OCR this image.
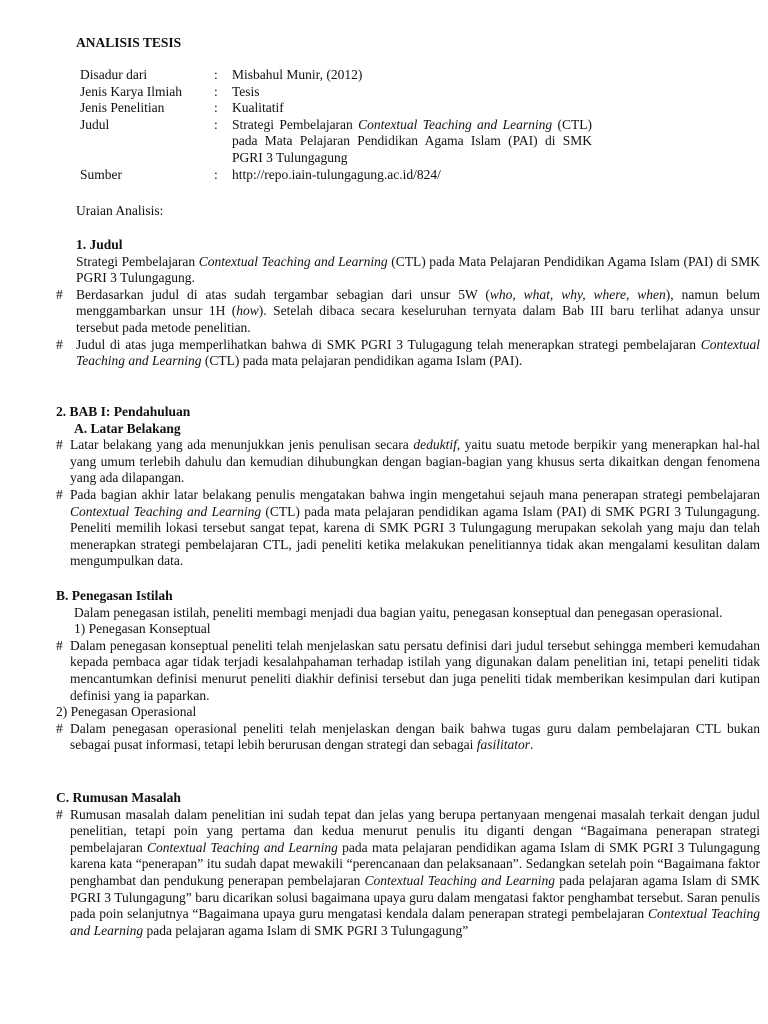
ANALISIS TESIS
Disadur dari	:	Misbahul Munir, (2012)
Jenis Karya Ilmiah	:	Tesis
Jenis Penelitian	:	Kualitatif
Judul	:	Strategi Pembelajaran Contextual Teaching and Learning (CTL) pada Mata Pelajaran Pendidikan Agama Islam (PAI) di SMK PGRI 3 Tulungagung
Sumber	:	http://repo.iain-tulungagung.ac.id/824/
Uraian Analisis:
1. Judul
Strategi Pembelajaran Contextual Teaching and Learning (CTL) pada Mata Pelajaran Pendidikan Agama Islam (PAI) di SMK PGRI 3 Tulungagung.
# Berdasarkan judul di atas sudah tergambar sebagian dari unsur 5W (who, what, why, where, when), namun belum menggambarkan unsur 1H (how). Setelah dibaca secara keseluruhan ternyata dalam Bab III baru terlihat adanya unsur tersebut pada metode penelitian.
# Judul di atas juga memperlihatkan bahwa di SMK PGRI 3 Tulugagung telah menerapkan strategi pembelajaran Contextual Teaching and Learning (CTL) pada mata pelajaran pendidikan agama Islam (PAI).
2. BAB I: Pendahuluan
A. Latar Belakang
# Latar belakang yang ada menunjukkan jenis penulisan secara deduktif, yaitu suatu metode berpikir yang menerapkan hal-hal yang umum terlebih dahulu dan kemudian dihubungkan dengan bagian-bagian yang khusus serta dikaitkan dengan fenomena yang ada dilapangan.
# Pada bagian akhir latar belakang penulis mengatakan bahwa ingin mengetahui sejauh mana penerapan strategi pembelajaran Contextual Teaching and Learning (CTL) pada mata pelajaran pendidikan agama Islam (PAI) di SMK PGRI 3 Tulungagung. Peneliti memilih lokasi tersebut sangat tepat, karena di SMK PGRI 3 Tulungagung merupakan sekolah yang maju dan telah menerapkan strategi pembelajaran CTL, jadi peneliti ketika melakukan penelitiannya tidak akan mengalami kesulitan dalam mengumpulkan data.
B. Penegasan Istilah
Dalam penegasan istilah, peneliti membagi menjadi dua bagian yaitu, penegasan konseptual dan penegasan operasional.
1) Penegasan Konseptual
# Dalam penegasan konseptual peneliti telah menjelaskan satu persatu definisi dari judul tersebut sehingga memberi kemudahan kepada pembaca agar tidak terjadi kesalahpahaman terhadap istilah yang digunakan dalam penelitian ini, tetapi peneliti tidak mencantumkan definisi menurut peneliti diakhir definisi tersebut dan juga peneliti tidak memberikan kesimpulan dari kutipan definisi yang ia paparkan.
2) Penegasan Operasional
# Dalam penegasan operasional peneliti telah menjelaskan dengan baik bahwa tugas guru dalam pembelajaran CTL bukan sebagai pusat informasi, tetapi lebih berurusan dengan strategi dan sebagai fasilitator.
C. Rumusan Masalah
# Rumusan masalah dalam penelitian ini sudah tepat dan jelas yang berupa pertanyaan mengenai masalah terkait dengan judul penelitian, tetapi poin yang pertama dan kedua menurut penulis itu diganti dengan “Bagaimana penerapan strategi pembelajaran Contextual Teaching and Learning pada mata pelajaran pendidikan agama Islam di SMK PGRI 3 Tulungagung karena kata “penerapan” itu sudah dapat mewakili “perencanaan dan pelaksanaan”. Sedangkan setelah poin “Bagaimana faktor penghambat dan pendukung penerapan pembelajaran Contextual Teaching and Learning pada pelajaran agama Islam di SMK PGRI 3 Tulungagung” baru dicarikan solusi bagaimana upaya guru dalam mengatasi faktor penghambat tersebut. Saran penulis pada poin selanjutnya “Bagaimana upaya guru mengatasi kendala dalam penerapan strategi pembelajaran Contextual Teaching and Learning pada pelajaran agama Islam di SMK PGRI 3 Tulungagung”
